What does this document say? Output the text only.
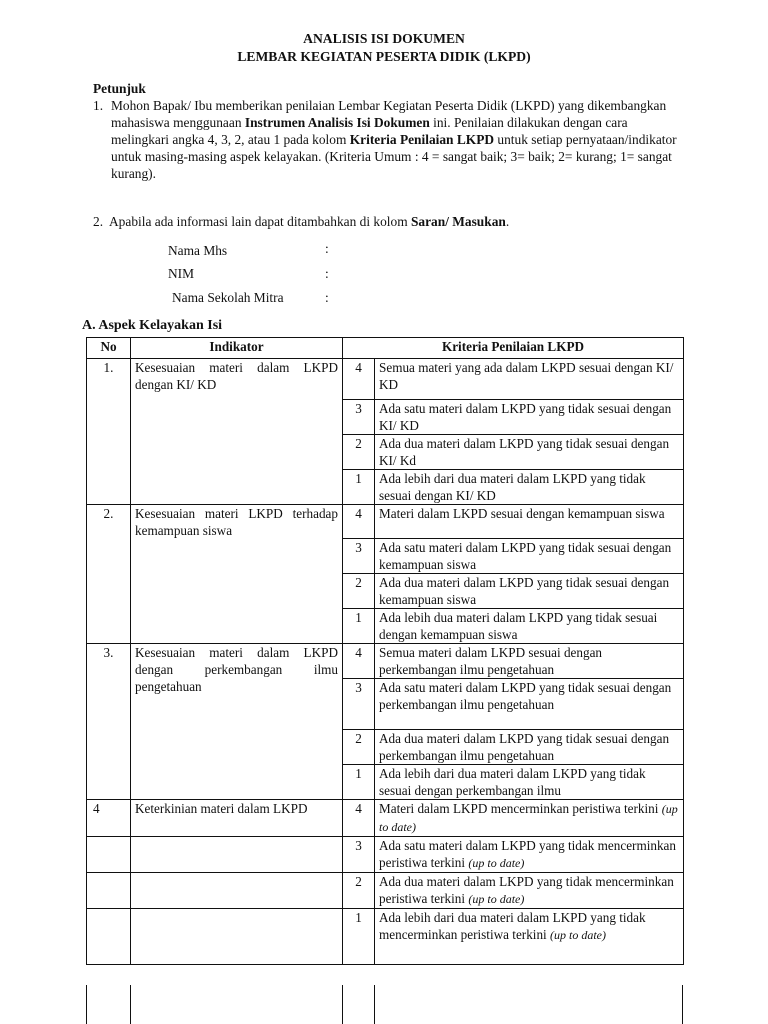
ANALISIS ISI DOKUMEN
LEMBAR KEGIATAN PESERTA DIDIK (LKPD)
Petunjuk
1. Mohon Bapak/ Ibu memberikan penilaian Lembar Kegiatan Peserta Didik (LKPD) yang dikembangkan mahasiswa menggunaan Instrumen Analisis Isi Dokumen ini. Penilaian dilakukan dengan cara melingkari angka 4, 3, 2, atau 1 pada kolom Kriteria Penilaian LKPD untuk setiap pernyataan/indikator untuk masing-masing aspek kelayakan. (Kriteria Umum : 4 = sangat baik; 3= baik; 2= kurang; 1= sangat kurang).
2. Apabila ada informasi lain dapat ditambahkan di kolom Saran/ Masukan.
Nama Mhs	:
NIM	:
Nama Sekolah Mitra	:
A. Aspek Kelayakan Isi
No	Indikator	Kriteria Penilaian LKPD	
1.	Kesesuaian materi dalam LKPD dengan KI/ KD	4	Semua materi yang ada dalam LKPD sesuai dengan KI/ KD
		3	Ada satu materi dalam LKPD yang tidak sesuai dengan KI/ KD
		2	Ada dua materi dalam LKPD yang tidak sesuai dengan KI/ Kd
		1	Ada lebih dari dua materi dalam LKPD yang tidak sesuai dengan KI/ KD
2.	Kesesuaian materi LKPD terhadap kemampuan siswa	4	Materi dalam LKPD sesuai dengan kemampuan siswa
		3	Ada satu materi dalam LKPD yang tidak sesuai dengan kemampuan siswa
		2	Ada dua materi dalam LKPD yang tidak sesuai dengan kemampuan siswa
		1	Ada lebih dua materi dalam LKPD yang tidak sesuai dengan kemampuan siswa
3.	Kesesuaian materi dalam LKPD dengan perkembangan ilmu pengetahuan	4	Semua materi dalam LKPD sesuai dengan perkembangan ilmu pengetahuan
		3	Ada satu materi dalam LKPD yang tidak sesuai dengan perkembangan ilmu pengetahuan
		2	Ada dua materi dalam LKPD yang tidak sesuai dengan perkembangan ilmu pengetahuan
		1	Ada lebih dari dua materi dalam LKPD yang tidak sesuai dengan perkembangan ilmu
4	Keterkinian materi dalam LKPD	4	Materi dalam LKPD mencerminkan peristiwa terkini (up to date)
		3	Ada satu materi dalam LKPD yang tidak mencerminkan peristiwa terkini (up to date)
		2	Ada dua materi dalam LKPD yang tidak mencerminkan peristiwa terkini (up to date)
		1	Ada lebih dari dua materi dalam LKPD yang tidak mencerminkan peristiwa terkini (up to date)
